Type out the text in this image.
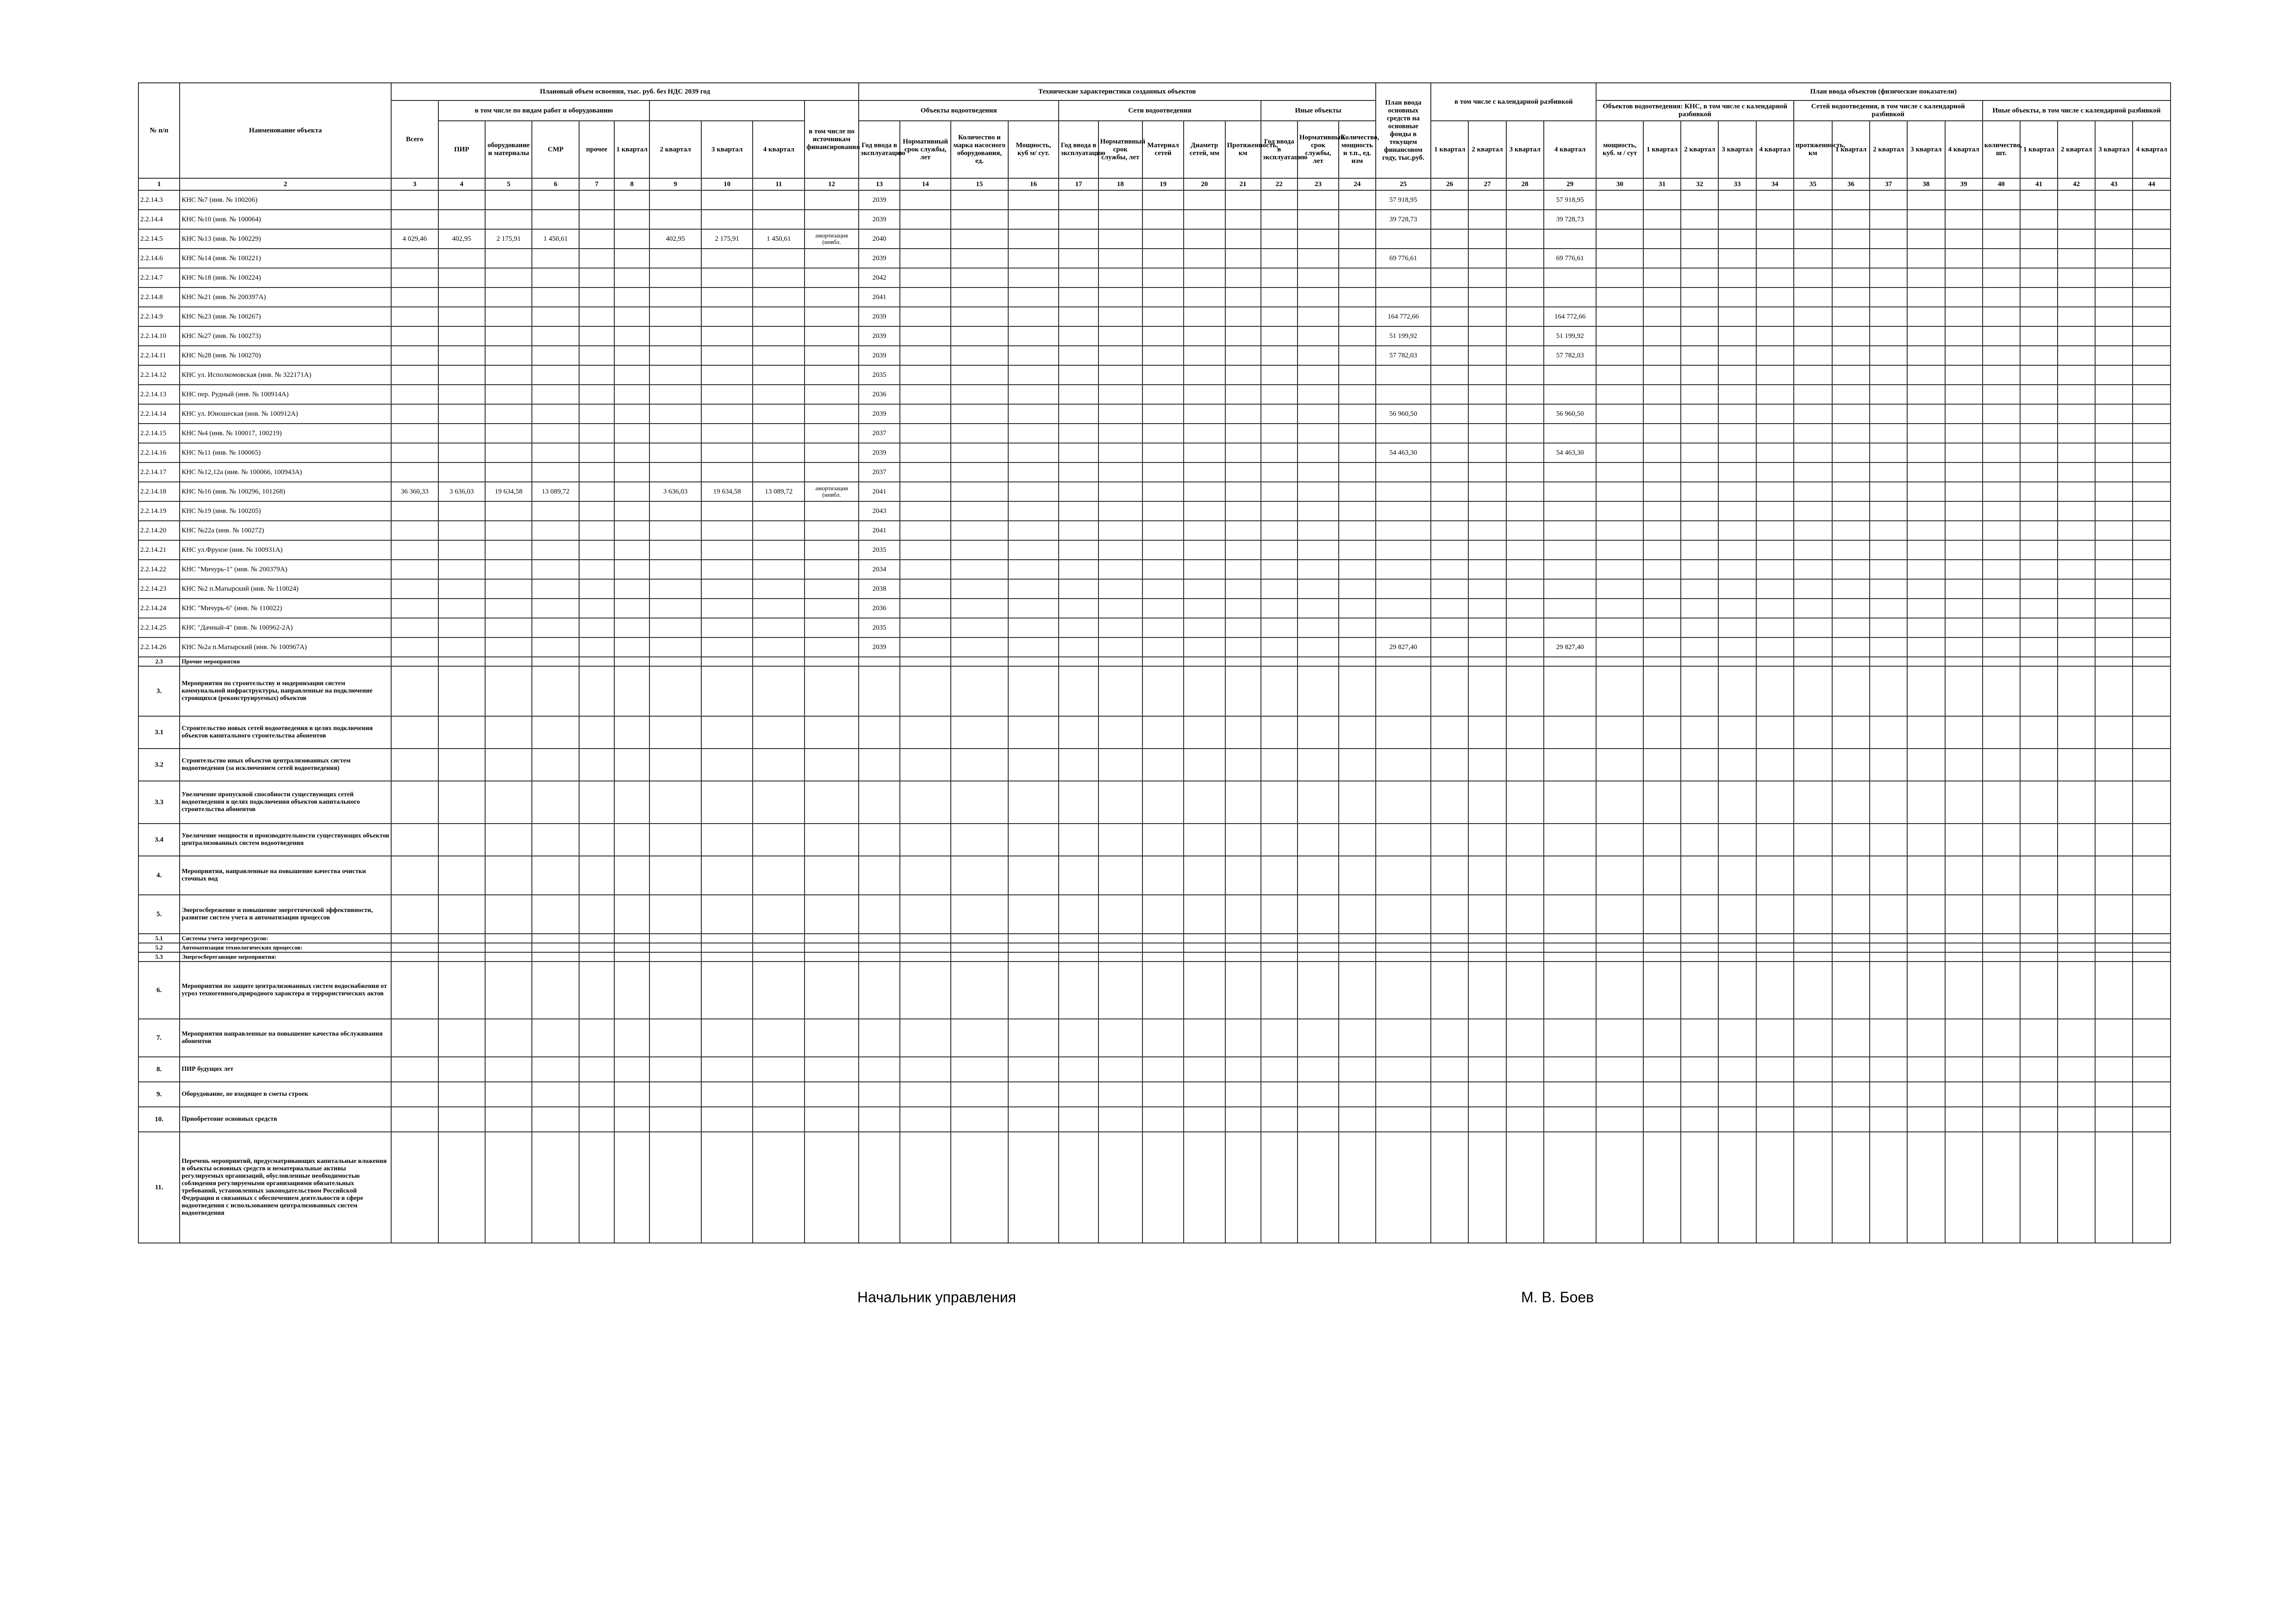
№ п/п	Наименование объекта	Плановый объем освоения, тыс. руб. без НДС 2039 год										Технические характеристики созданных объектов												План ввода основных средств на основные фонды в текущем финансовом году, тыс.руб.	в том числе с календарной разбивкой				План ввода объектов (физические показатели)														
		Всего	в том числе по видам работ и оборудованию								в том числе по источникам финансирования	Объекты водоотведения				Сети водоотведения					Иные объекты								Объектов водоотведения: КНС, в том числе с календарной разбивкой					Сетей водоотведения, в том числе с календарной разбивкой					Иные объекты, в том числе с календарной разбивкой				
			ПИР	оборудование и материалы	СМР	прочее	1 квартал	2 квартал	3 квартал	4 квартал		Год ввода в эксплуатацию	Нормативный срок службы, лет	Количество и марка насосного оборудования, ед.	Мощность, куб м/ сут.	Год ввода в эксплуатацию	Нормативный срок службы, лет	Материал сетей	Диаметр сетей, мм	Протяженность, км	Год ввода в эксплуатацию	Нормативный срок службы, лет	Количество, мощность и т.п., ед. изм		1 квартал	2 квартал	3 квартал	4 квартал	мощность, куб. м / сут	1 квартал	2 квартал	3 квартал	4 квартал	протяженность, км	1 квартал	2 квартал	3 квартал	4 квартал	количество, шт.	1 квартал	2 квартал	3 квартал	4 квартал
1	2	3	4	5	6	7	8	9	10	11	12	13	14	15	16	17	18	19	20	21	22	23	24	25	26	27	28	29	30	31	32	33	34	35	36	37	38	39	40	41	42	43	44
2.2.14.3	КНС №7 (инв. № 100206)											2039												57 918,95				57 918,95															
2.2.14.4	КНС №10 (инв. № 100064)											2039												39 728,73				39 728,73															
2.2.14.5	КНС №13 (инв. № 100229)	4 029,46	402,95	2 175,91	1 450,61			402,95	2 175,91	1 450,61	амортизация (инвбл.	2040																															
2.2.14.6	КНС №14 (инв. № 100221)											2039												69 776,61				69 776,61															
2.2.14.7	КНС №18 (инв. № 100224)											2042																															
2.2.14.8	КНС №21 (инв. № 200397А)											2041																															
2.2.14.9	КНС №23 (инв. № 100267)											2039												164 772,66				164 772,66															
2.2.14.10	КНС №27 (инв. № 100273)											2039												51 199,92				51 199,92															
2.2.14.11	КНС №28 (инв. № 100270)											2039												57 782,03				57 782,03															
2.2.14.12	КНС ул. Исполкомовская (инв. № 322171А)											2035																															
2.2.14.13	КНС пер. Рудный (инв. № 100914А)											2036																															
2.2.14.14	КНС ул. Юношеская (инв. № 100912А)											2039												56 960,50				56 960,50															
2.2.14.15	КНС №4 (инв. № 100017, 100219)											2037																															
2.2.14.16	КНС №11 (инв. № 100065)											2039												54 463,30				54 463,30															
2.2.14.17	КНС №12,12а (инв. № 100066, 100943А)											2037																															
2.2.14.18	КНС №16 (инв. № 100296, 101268)	36 360,33	3 636,03	19 634,58	13 089,72			3 636,03	19 634,58	13 089,72	амортизация (инвбл.	2041																															
2.2.14.19	КНС №19 (инв. № 100205)											2043																															
2.2.14.20	КНС №22а (инв. № 100272)											2041																															
2.2.14.21	КНС ул.Фрунзе (инв. № 100931А)											2035																															
2.2.14.22	КНС "Мичурь-1" (инв. № 200379А)											2034																															
2.2.14.23	КНС №2 п.Матырский (инв. № 110024)											2038																															
2.2.14.24	КНС "Мичурь-6" (инв. № 110022)											2036																															
2.2.14.25	КНС "Дачный-4" (инв. № 100962-2А)											2035																															
2.2.14.26	КНС №2а п.Матырский (инв. № 100967А)											2039												29 827,40				29 827,40															
2.3	Прочие мероприятия																																										
3.	Мероприятия по строительству и модернизации систем коммунальной инфраструктуры, направленные на подключение строящихся (реконструируемых) объектов																																										
3.1	Строительство новых сетей водоотведения в целях подключения объектов капитального строительства абонентов																																										
3.2	Строительство иных объектов централизованных систем водоотведения (за исключением сетей водоотведения)																																										
3.3	Увеличение пропускной способности существующих сетей водоотведения в целях подключения объектов капитального строительства абонентов																																										
3.4	Увеличение мощности и производительности существующих объектов централизованных систем водоотведения																																										
4.	Мероприятия, направленные на повышение качества очистки сточных вод																																										
5.	Энергосбережение и повышение энергетической эффективности, развитие систем учета и автоматизации процессов																																										
5.1	Системы учета энергоресурсов:																																										
5.2	Автоматизация технологических процессов:																																										
5.3	Энергосберегающие мероприятия:																																										
6.	Мероприятия по защите централизованных систем водоснабжения от угроз техногенного,природного характера и террористических актов																																										
7.	Мероприятия направленные на повышение качества обслуживания абонентов																																										
8.	ПИР будущих лет																																										
9.	Оборудование, не входящее в сметы строек																																										
10.	Приобретение основных средств																																										
11.	Перечень мероприятий, предусматривающих капитальные вложения в объекты основных средств и нематериальные активы регулируемых организаций, обусловленные необходимостью соблюдения регулируемыми организациями обязательных требований, установленных законодательством Российской Федерации и связанных с обеспечением деятельности в сфере водоотведения с использованием централизованных систем водоотведения																																										
Начальник управления	М. В. Боев
